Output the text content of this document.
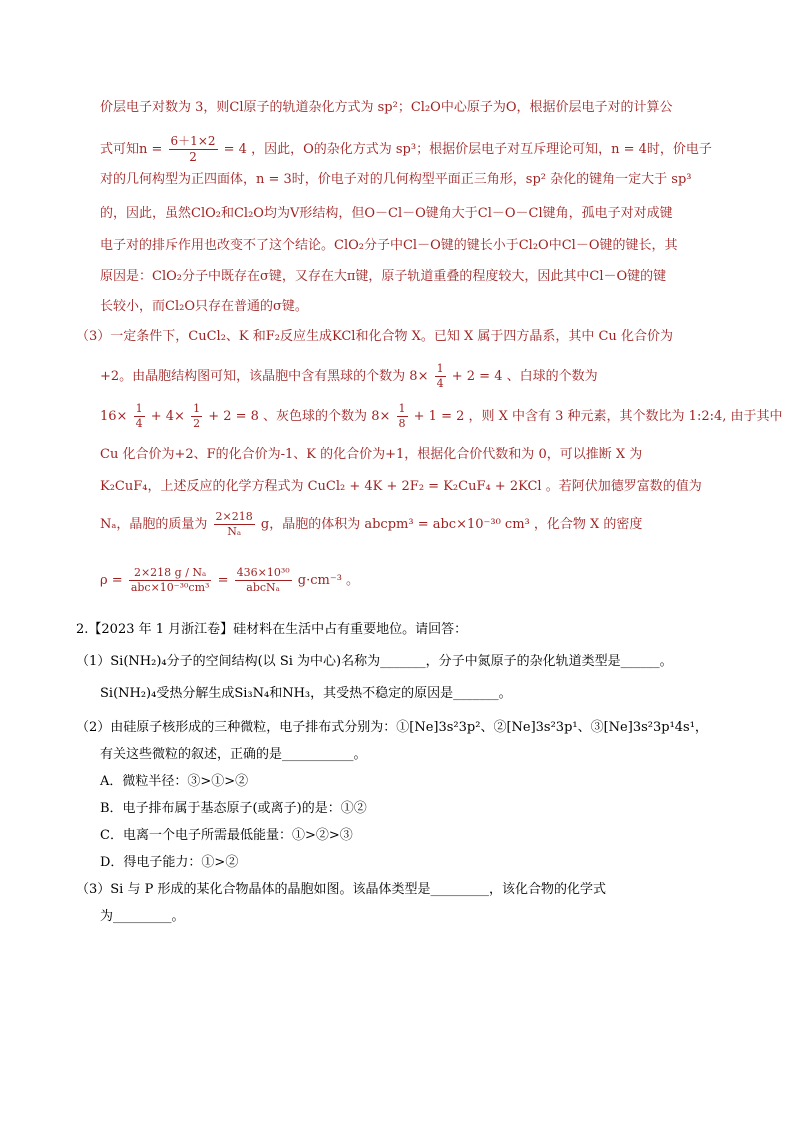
价层电子对数为 3，则Cl原子的轨道杂化方式为 sp²；Cl₂O中心原子为O，根据价层电子对的计算公
式可知$n = \frac{6+1\times 2}{2} = 4$ ，因此，O的杂化方式为 sp³；根据价层电子对互斥理论可知，n = 4时，价电子
对的几何构型为正四面体，n = 3时，价电子对的几何构型平面正三角形，sp² 杂化的键角一定大于 sp³
的，因此，虽然ClO₂和Cl₂O均为V形结构，但O－Cl－O键角大于Cl－O－Cl键角，孤电子对对成键
电子对的排斥作用也改变不了这个结论。ClO₂分子中Cl－O键的键长小于Cl₂O中Cl－O键的键长，其
原因是：ClO₂分子中既存在σ键，又存在大π键，原子轨道重叠的程度较大，因此其中Cl－O键的键
长较小，而Cl₂O只存在普通的σ键。
（3）一定条件下，CuCl₂、K 和F₂反应生成KCl和化合物 X。已知 X 属于四方晶系，其中 Cu 化合价为
+2。由晶胞结构图可知，该晶胞中含有黑球的个数为 $8\times \frac{1}{4} + 2 = 4$ 、白球的个数为
$16\times \frac{1}{4} + 4\times \frac{1}{2} + 2 = 8$ 、灰色球的个数为 $8\times \frac{1}{8} + 1 = 2$ ，则 X 中含有 3 种元素，其个数比为 1:2:4, 由于其中
Cu 化合价为+2、F的化合价为-1、K 的化合价为+1，根据化合价代数和为 0，可以推断 X 为
K₂CuF₄，上述反应的化学方程式为 CuCl₂ + 4K + 2F₂ = K₂CuF₄ + 2KCl 。若阿伏加德罗富数的值为
Nₐ，晶胞的质量为 $\frac{2\times 218}{\text{Nₐ}}$ g，晶胞的体积为 abcpm³ = abc×10⁻³⁰ cm³ ，化合物 X 的密度
$\rho = \frac{\text{2×218 g / Nₐ}}{\text{abc×10⁻³⁰cm³}} = \frac{\text{436×10³⁰}}{\text{abcNₐ}} g\cdot cm^{-3}$ 。
2.【2023 年 1 月浙江卷】硅材料在生活中占有重要地位。请回答：
（1）Si(NH₂)₄分子的空间结构(以 Si 为中心)名称为_______，分子中氮原子的杂化轨道类型是______。
Si(NH₂)₄受热分解生成Si₃N₄和NH₃，其受热不稳定的原因是_______。
（2）由硅原子核形成的三种微粒，电子排布式分别为：①[Ne]3s²3p²、②[Ne]3s²3p¹、③[Ne]3s²3p¹4s¹，
有关这些微粒的叙述，正确的是___________。
A．微粒半径：③>①>②
B．电子排布属于基态原子(或离子)的是：①②
C．电离一个电子所需最低能量：①>②>③
D．得电子能力：①>②
（3）Si 与 P 形成的某化合物晶体的晶胞如图。该晶体类型是_________，该化合物的化学式
为_________。
